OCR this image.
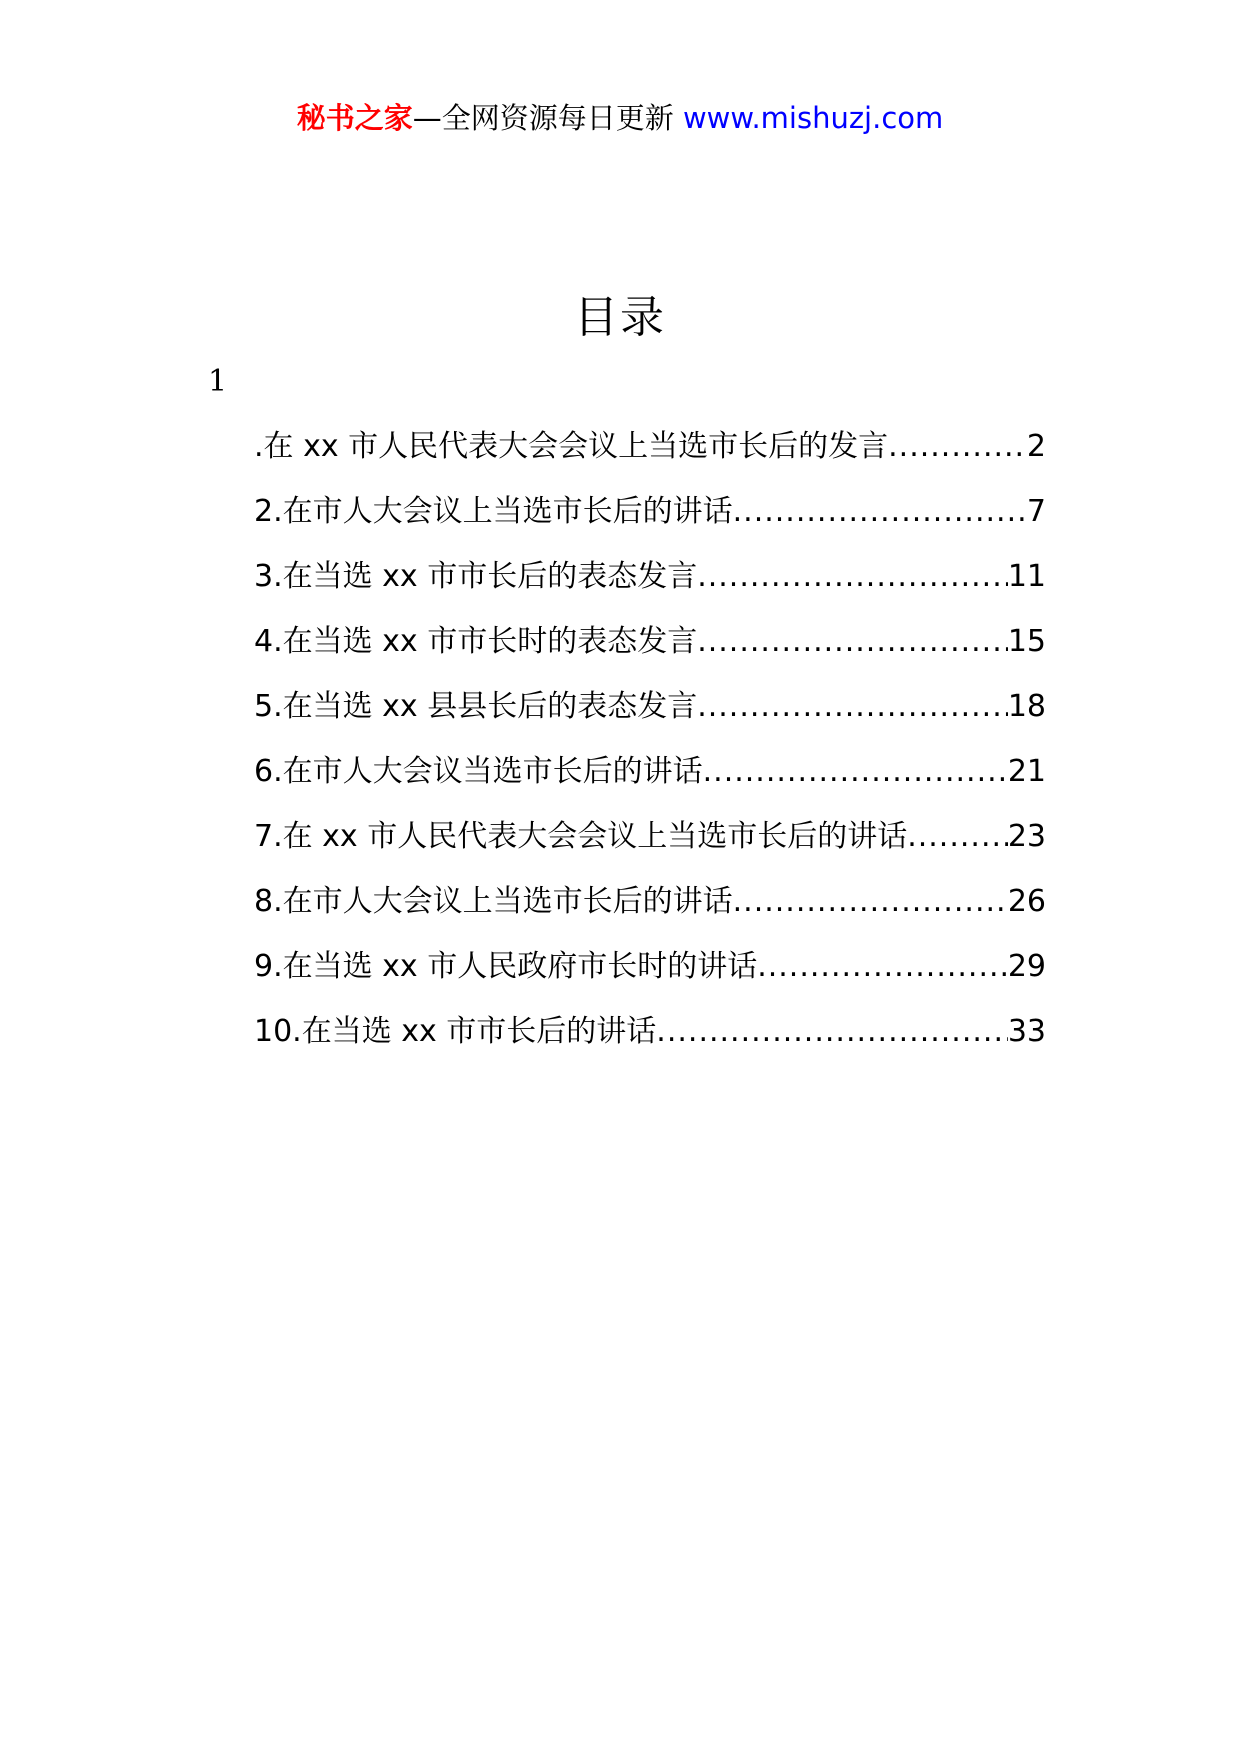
秘书之家—全网资源每日更新 www.mishuzj.com
目录
1
.在 xx 市人民代表大会会议上当选市长后的发言 .....	2
2.在市人大会议上当选市长后的讲话 .....	7
3.在当选 xx 市市长后的表态发言 .....	11
4.在当选 xx 市市长时的表态发言 .....	15
5.在当选 xx 县县长后的表态发言 .....	18
6.在市人大会议当选市长后的讲话 .....	21
7.在 xx 市人民代表大会会议上当选市长后的讲话 .....	23
8.在市人大会议上当选市长后的讲话 .....	26
9.在当选 xx 市人民政府市长时的讲话 .....	29
10.在当选 xx 市市长后的讲话 .....	33
